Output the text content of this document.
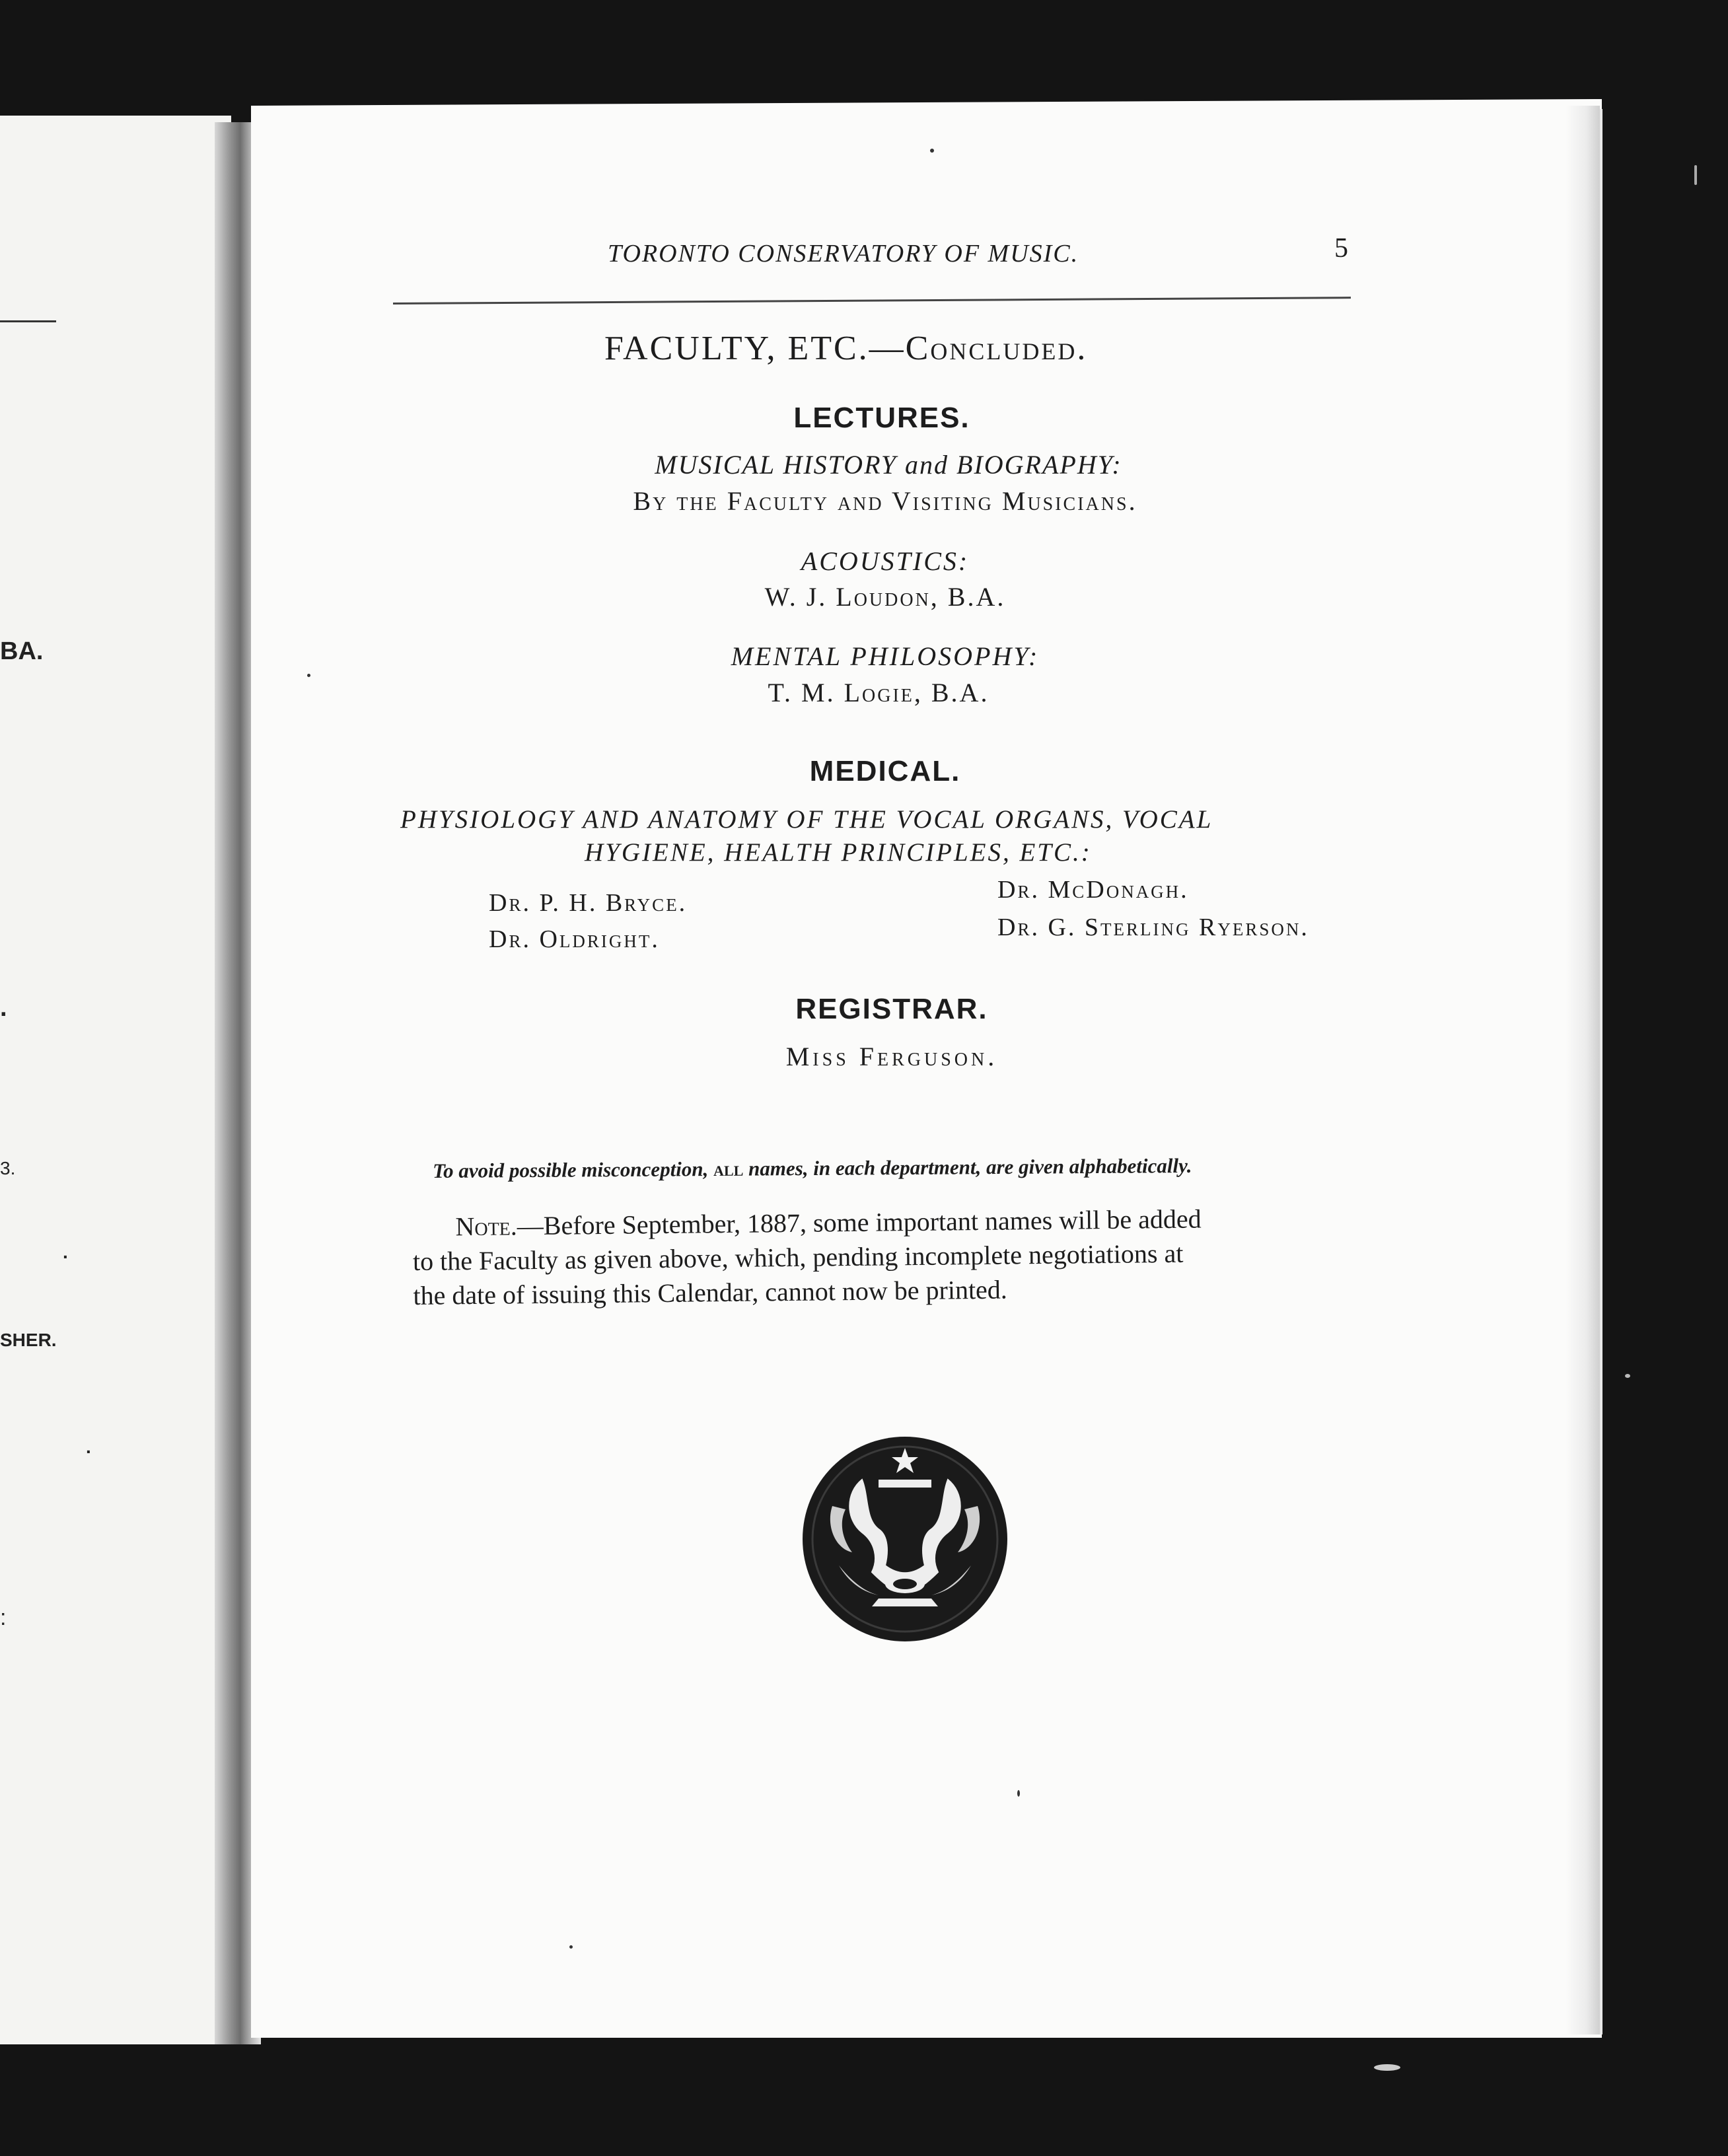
BA.
.
3.
.
SHER.
.
:
TORONTO CONSERVATORY OF MUSIC.	5
FACULTY, ETC.—Concluded.
LECTURES.
MUSICAL HISTORY and BIOGRAPHY:
By the Faculty and Visiting Musicians.
ACOUSTICS:
W. J. Loudon, B.A.
MENTAL PHILOSOPHY:
T. M. Logie, B.A.
MEDICAL.
PHYSIOLOGY AND ANATOMY OF THE VOCAL ORGANS, VOCAL
HYGIENE, HEALTH PRINCIPLES, ETC.:
Dr. P. H. Bryce.
Dr. Oldright.
Dr. McDonagh.
Dr. G. Sterling Ryerson.
REGISTRAR.
Miss Ferguson.
To avoid possible misconception, all names, in each department, are given alphabetically.
Note.—Before September, 1887, some important names will be added
to the Faculty as given above, which, pending incomplete negotiations at
the date of issuing this Calendar, cannot now be printed.
